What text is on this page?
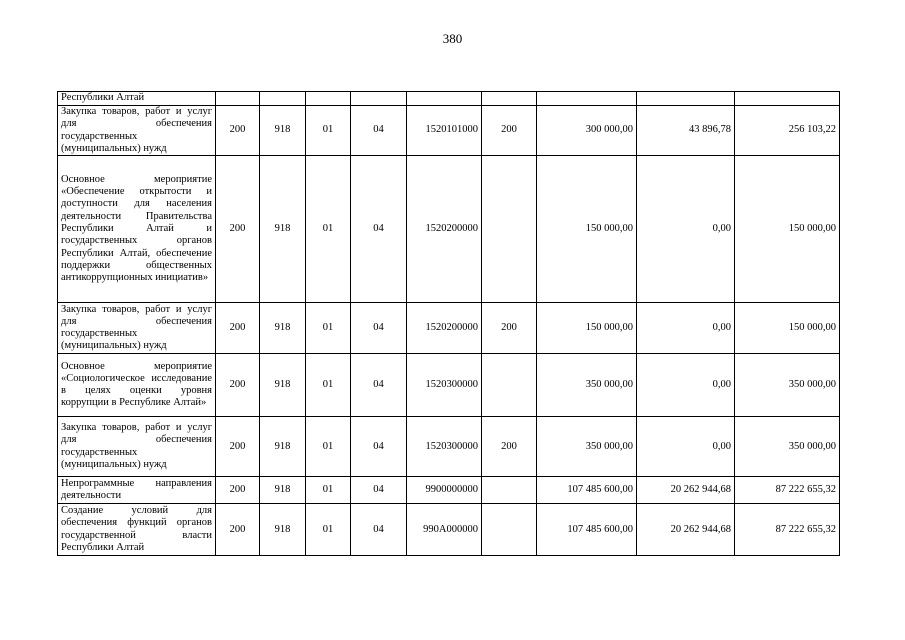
380
Республики Алтай									
Закупка товаров, работ и услуг для обеспечения государственных (муниципальных) нужд	200	918	01	04	1520101000	200	300 000,00	43 896,78	256 103,22
Основное мероприятие «Обеспечение открытости и доступности для населения деятельности Правительства Республики Алтай и государственных органов Республики Алтай, обеспечение поддержки общественных антикоррупционных инициатив»	200	918	01	04	1520200000		150 000,00	0,00	150 000,00
Закупка товаров, работ и услуг для обеспечения государственных (муниципальных) нужд	200	918	01	04	1520200000	200	150 000,00	0,00	150 000,00
Основное мероприятие «Социологическое исследование в целях оценки уровня коррупции в Республике Алтай»	200	918	01	04	1520300000		350 000,00	0,00	350 000,00
Закупка товаров, работ и услуг для обеспечения государственных (муниципальных) нужд	200	918	01	04	1520300000	200	350 000,00	0,00	350 000,00
Непрограммные направления деятельности	200	918	01	04	9900000000		107 485 600,00	20 262 944,68	87 222 655,32
Создание условий для обеспечения функций органов государственной власти Республики Алтай	200	918	01	04	990A000000		107 485 600,00	20 262 944,68	87 222 655,32
